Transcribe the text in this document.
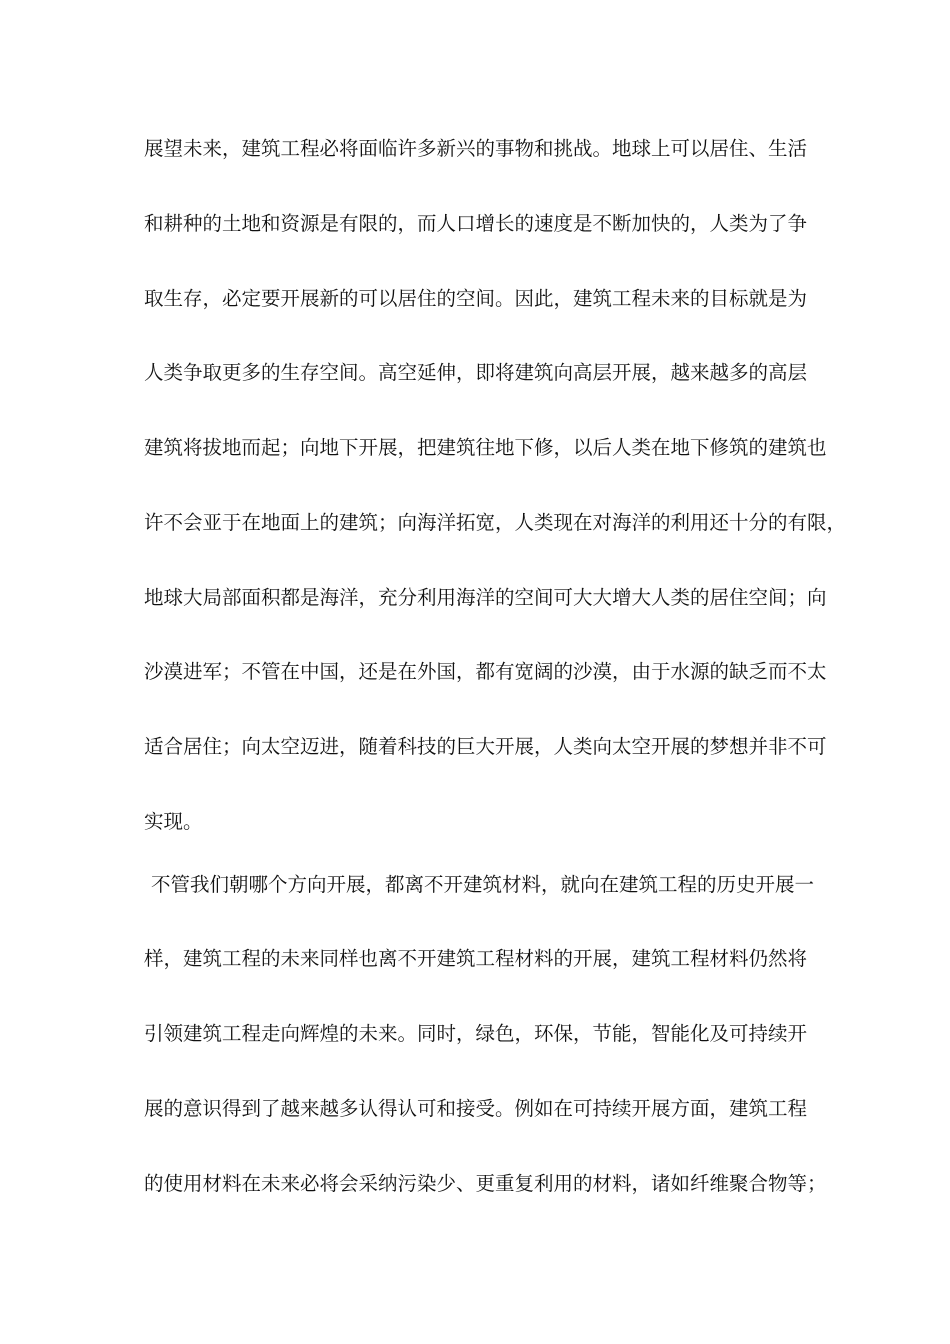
展望未来，建筑工程必将面临许多新兴的事物和挑战。地球上可以居住、生活
和耕种的土地和资源是有限的，而人口增长的速度是不断加快的，人类为了争
取生存，必定要开展新的可以居住的空间。因此，建筑工程未来的目标就是为
人类争取更多的生存空间。高空延伸，即将建筑向高层开展，越来越多的高层
建筑将拔地而起；向地下开展，把建筑往地下修，以后人类在地下修筑的建筑也
许不会亚于在地面上的建筑；向海洋拓宽，人类现在对海洋的利用还十分的有限，
地球大局部面积都是海洋，充分利用海洋的空间可大大增大人类的居住空间；向
沙漠进军；不管在中国，还是在外国，都有宽阔的沙漠，由于水源的缺乏而不太
适合居住；向太空迈进，随着科技的巨大开展，人类向太空开展的梦想并非不可
实现。
不管我们朝哪个方向开展，都离不开建筑材料，就向在建筑工程的历史开展一
样，建筑工程的未来同样也离不开建筑工程材料的开展，建筑工程材料仍然将
引领建筑工程走向辉煌的未来。同时，绿色，环保，节能，智能化及可持续开
展的意识得到了越来越多认得认可和接受。例如在可持续开展方面，建筑工程
的使用材料在未来必将会采纳污染少、更重复利用的材料，诸如纤维聚合物等；
